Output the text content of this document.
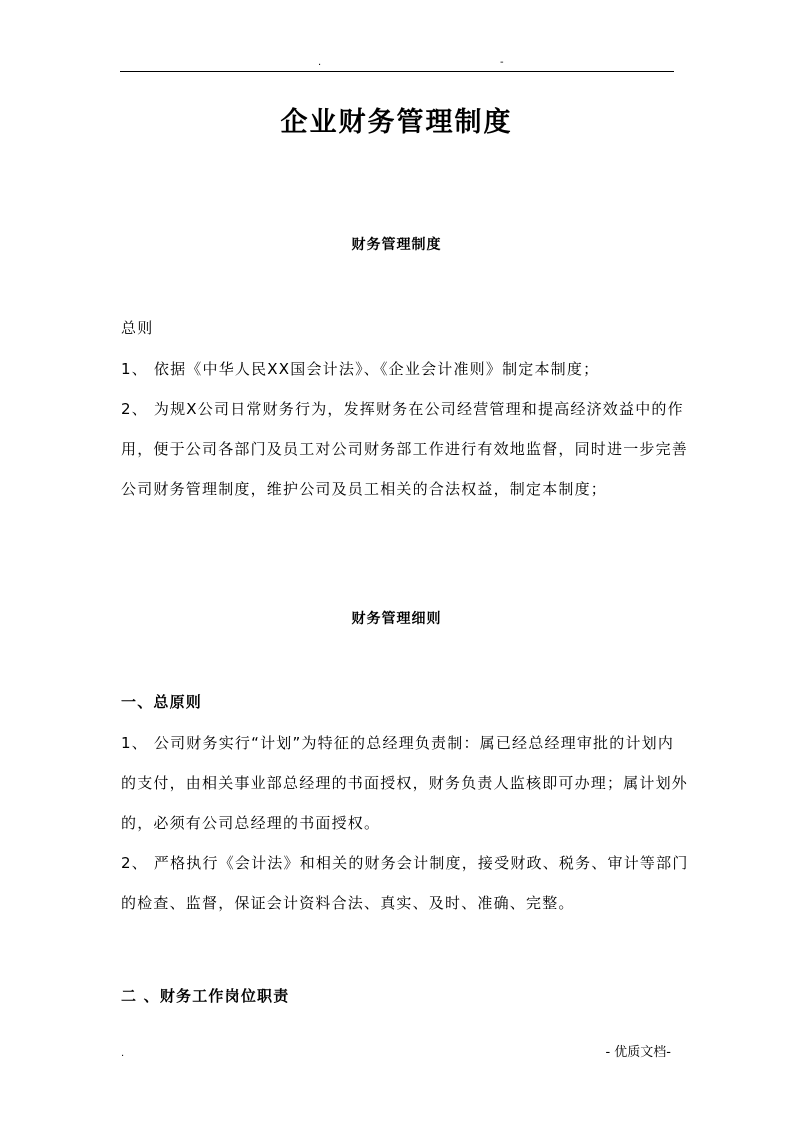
.	-
企业财务管理制度
财务管理制度
总则
1、 依据《中华人民XX国会计法》、《企业会计准则》制定本制度；
2、 为规X公司日常财务行为，发挥财务在公司经营管理和提高经济效益中的作
用，便于公司各部门及员工对公司财务部工作进行有效地监督，同时进一步完善
公司财务管理制度，维护公司及员工相关的合法权益，制定本制度；
财务管理细则
一、总原则
1、 公司财务实行“计划”为特征的总经理负责制：属已经总经理审批的计划内
的支付，由相关事业部总经理的书面授权，财务负责人监核即可办理；属计划外
的，必须有公司总经理的书面授权。
2、 严格执行《会计法》和相关的财务会计制度，接受财政、税务、审计等部门
的检查、监督，保证会计资料合法、真实、及时、准确、完整。
二 、财务工作岗位职责
.	- 优质文档-
